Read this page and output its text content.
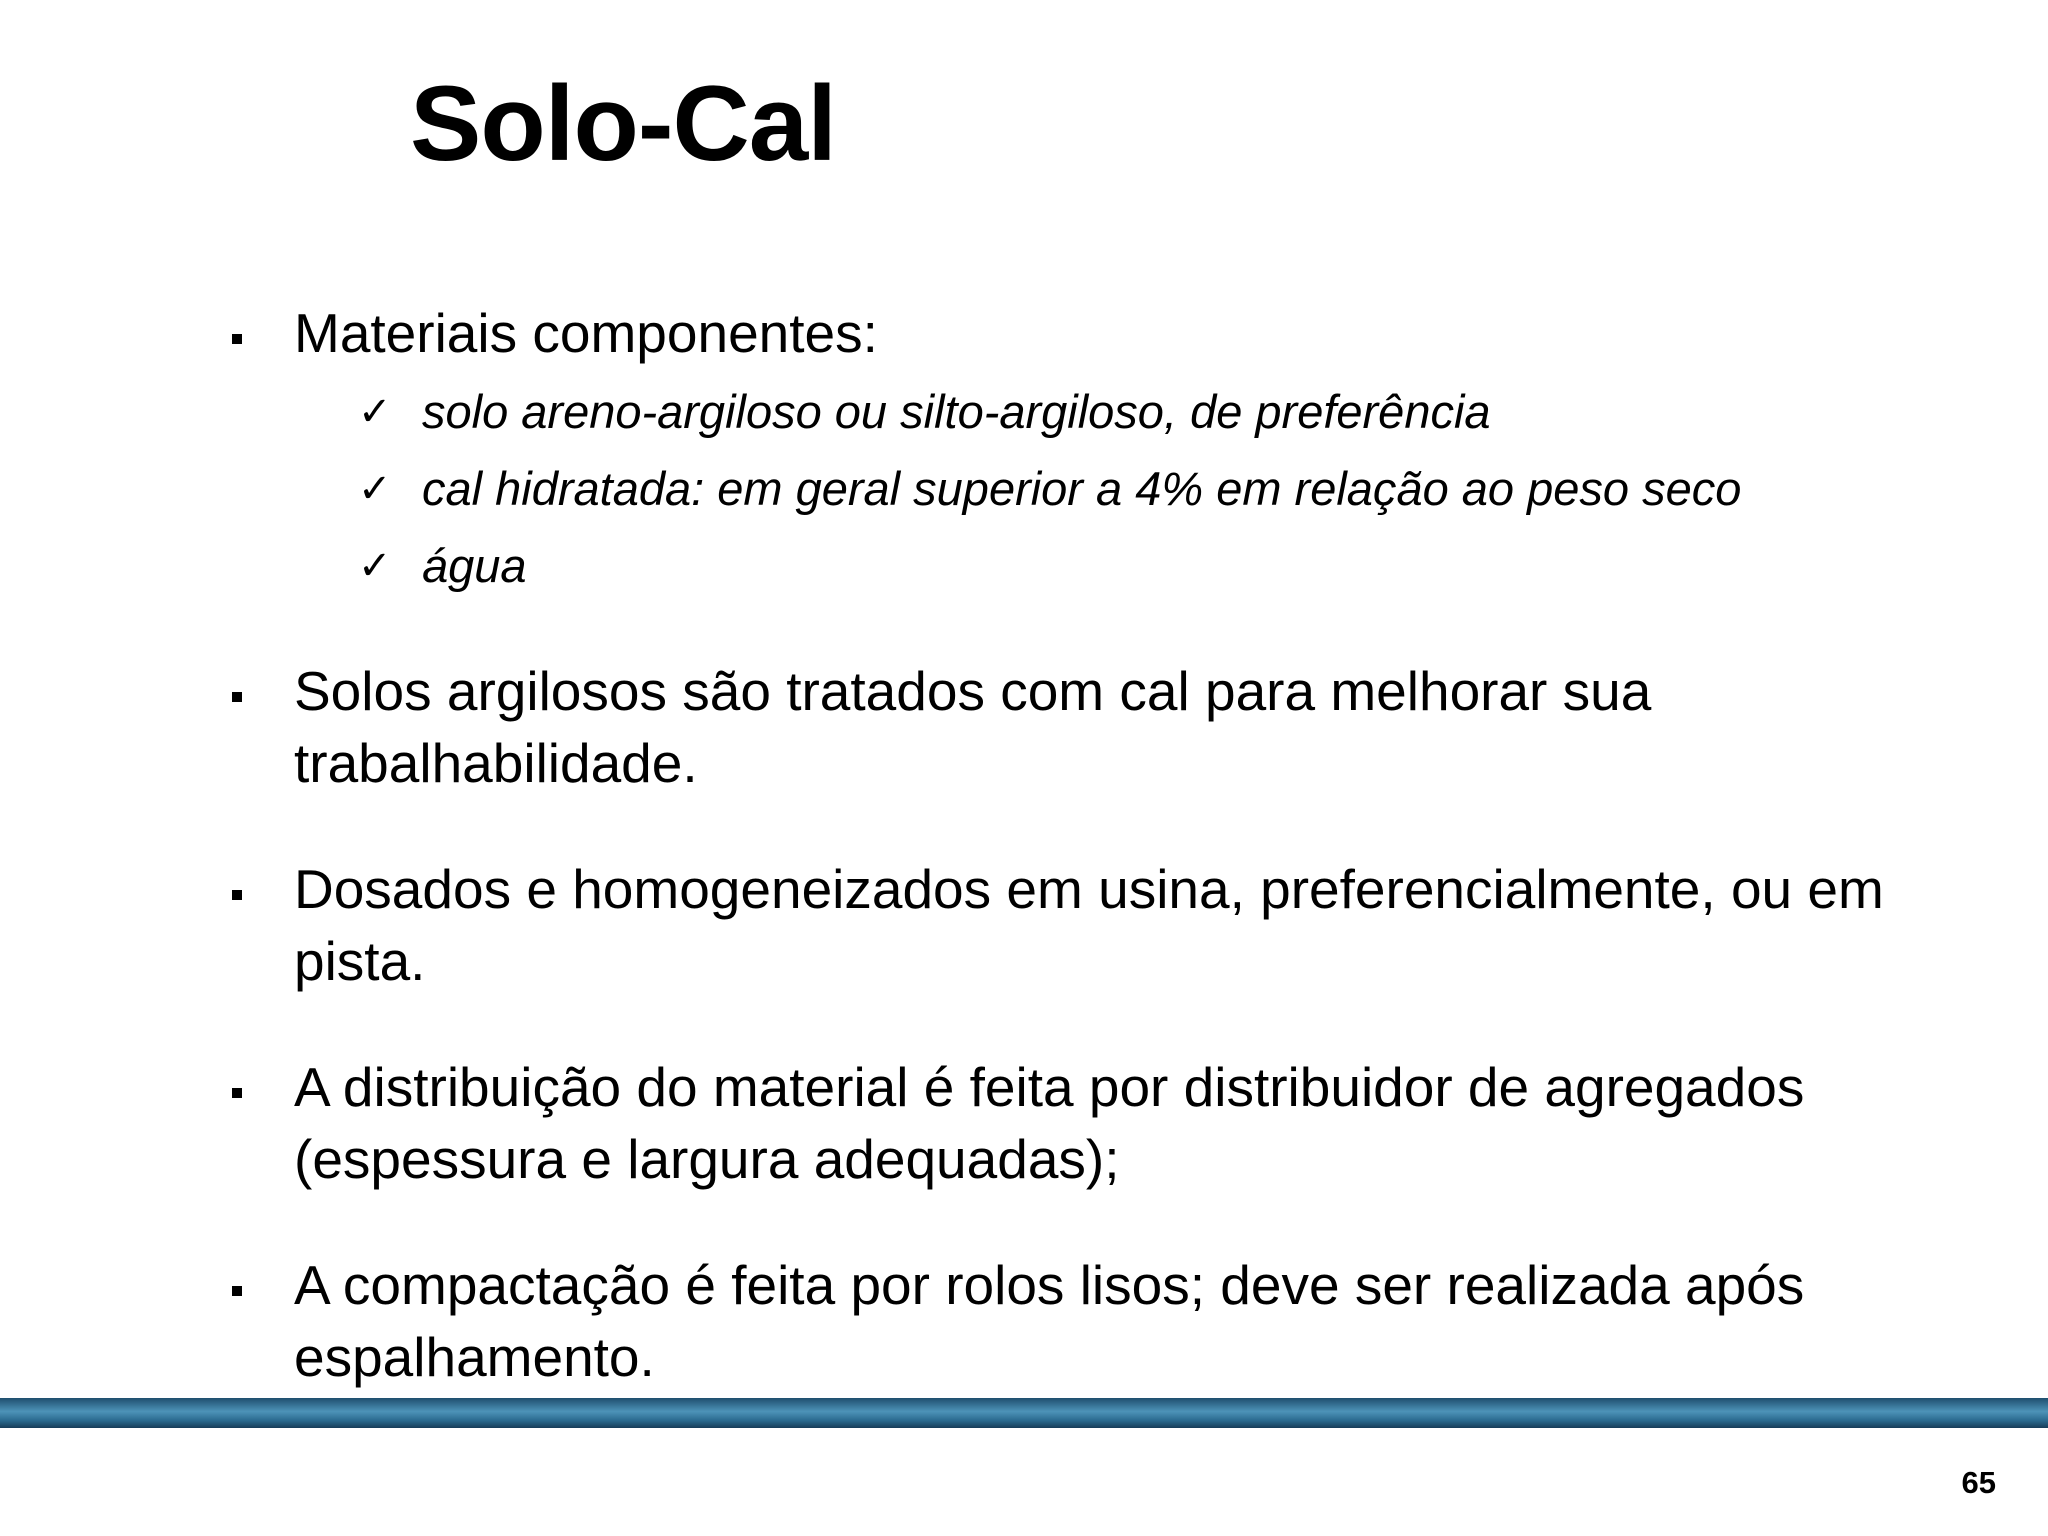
Solo-Cal
Materiais componentes:
✓ solo areno-argiloso ou silto-argiloso, de preferência
✓ cal hidratada: em geral superior a 4% em relação ao peso seco
✓ água
Solos argilosos são tratados com cal para melhorar sua trabalhabilidade.
Dosados e homogeneizados em usina, preferencialmente, ou em pista.
A distribuição do material é feita por distribuidor de agregados (espessura e largura adequadas);
A compactação é feita por rolos lisos; deve ser realizada após espalhamento.
65
